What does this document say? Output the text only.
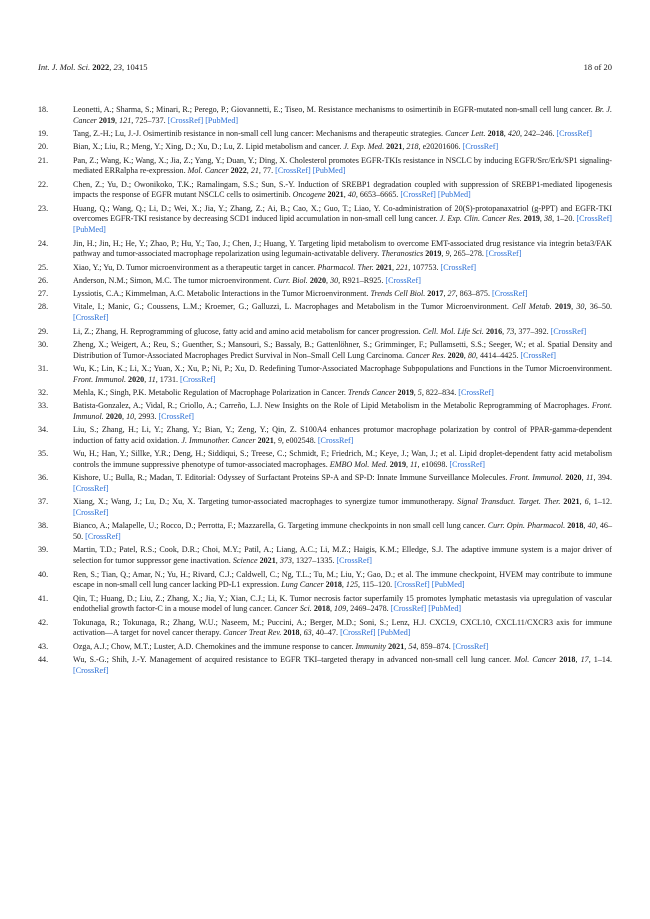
Int. J. Mol. Sci. 2022, 23, 10415	18 of 20
18.	Leonetti, A.; Sharma, S.; Minari, R.; Perego, P.; Giovannetti, E.; Tiseo, M. Resistance mechanisms to osimertinib in EGFR-mutated non-small cell lung cancer. Br. J. Cancer 2019, 121, 725–737. [CrossRef] [PubMed]
19.	Tang, Z.-H.; Lu, J.-J. Osimertinib resistance in non-small cell lung cancer: Mechanisms and therapeutic strategies. Cancer Lett. 2018, 420, 242–246. [CrossRef]
20.	Bian, X.; Liu, R.; Meng, Y.; Xing, D.; Xu, D.; Lu, Z. Lipid metabolism and cancer. J. Exp. Med. 2021, 218, e20201606. [CrossRef]
21.	Pan, Z.; Wang, K.; Wang, X.; Jia, Z.; Yang, Y.; Duan, Y.; Ding, X. Cholesterol promotes EGFR-TKIs resistance in NSCLC by inducing EGFR/Src/Erk/SP1 signaling-mediated ERRalpha re-expression. Mol. Cancer 2022, 21, 77. [CrossRef] [PubMed]
22.	Chen, Z.; Yu, D.; Owonikoko, T.K.; Ramalingam, S.S.; Sun, S.-Y. Induction of SREBP1 degradation coupled with suppression of SREBP1-mediated lipogenesis impacts the response of EGFR mutant NSCLC cells to osimertinib. Oncogene 2021, 40, 6653–6665. [CrossRef] [PubMed]
23.	Huang, Q.; Wang, Q.; Li, D.; Wei, X.; Jia, Y.; Zhang, Z.; Ai, B.; Cao, X.; Guo, T.; Liao, Y. Co-administration of 20(S)-protopanaxatriol (g-PPT) and EGFR-TKI overcomes EGFR-TKI resistance by decreasing SCD1 induced lipid accumulation in non-small cell lung cancer. J. Exp. Clin. Cancer Res. 2019, 38, 1–20. [CrossRef] [PubMed]
24.	Jin, H.; Jin, H.; He, Y.; Zhao, P.; Hu, Y.; Tao, J.; Chen, J.; Huang, Y. Targeting lipid metabolism to overcome EMT-associated drug resistance via integrin beta3/FAK pathway and tumor-associated macrophage repolarization using legumain-activatable delivery. Theranostics 2019, 9, 265–278. [CrossRef]
25.	Xiao, Y.; Yu, D. Tumor microenvironment as a therapeutic target in cancer. Pharmacol. Ther. 2021, 221, 107753. [CrossRef]
26.	Anderson, N.M.; Simon, M.C. The tumor microenvironment. Curr. Biol. 2020, 30, R921–R925. [CrossRef]
27.	Lyssiotis, C.A.; Kimmelman, A.C. Metabolic Interactions in the Tumor Microenvironment. Trends Cell Biol. 2017, 27, 863–875. [CrossRef]
28.	Vitale, I.; Manic, G.; Coussens, L.M.; Kroemer, G.; Galluzzi, L. Macrophages and Metabolism in the Tumor Microenvironment. Cell Metab. 2019, 30, 36–50. [CrossRef]
29.	Li, Z.; Zhang, H. Reprogramming of glucose, fatty acid and amino acid metabolism for cancer progression. Cell. Mol. Life Sci. 2016, 73, 377–392. [CrossRef]
30.	Zheng, X.; Weigert, A.; Reu, S.; Guenther, S.; Mansouri, S.; Bassaly, B.; Gattenlöhner, S.; Grimminger, F.; Pullamsetti, S.S.; Seeger, W.; et al. Spatial Density and Distribution of Tumor-Associated Macrophages Predict Survival in Non–Small Cell Lung Carcinoma. Cancer Res. 2020, 80, 4414–4425. [CrossRef]
31.	Wu, K.; Lin, K.; Li, X.; Yuan, X.; Xu, P.; Ni, P.; Xu, D. Redefining Tumor-Associated Macrophage Subpopulations and Functions in the Tumor Microenvironment. Front. Immunol. 2020, 11, 1731. [CrossRef]
32.	Mehla, K.; Singh, P.K. Metabolic Regulation of Macrophage Polarization in Cancer. Trends Cancer 2019, 5, 822–834. [CrossRef]
33.	Batista-Gonzalez, A.; Vidal, R.; Criollo, A.; Carreño, L.J. New Insights on the Role of Lipid Metabolism in the Metabolic Reprogramming of Macrophages. Front. Immunol. 2020, 10, 2993. [CrossRef]
34.	Liu, S.; Zhang, H.; Li, Y.; Zhang, Y.; Bian, Y.; Zeng, Y.; Qin, Z. S100A4 enhances protumor macrophage polarization by control of PPAR-gamma-dependent induction of fatty acid oxidation. J. Immunother. Cancer 2021, 9, e002548. [CrossRef]
35.	Wu, H.; Han, Y.; Sillke, Y.R.; Deng, H.; Siddiqui, S.; Treese, C.; Schmidt, F.; Friedrich, M.; Keye, J.; Wan, J.; et al. Lipid droplet-dependent fatty acid metabolism controls the immune suppressive phenotype of tumor-associated macrophages. EMBO Mol. Med. 2019, 11, e10698. [CrossRef]
36.	Kishore, U.; Bulla, R.; Madan, T. Editorial: Odyssey of Surfactant Proteins SP-A and SP-D: Innate Immune Surveillance Molecules. Front. Immunol. 2020, 11, 394. [CrossRef]
37.	Xiang, X.; Wang, J.; Lu, D.; Xu, X. Targeting tumor-associated macrophages to synergize tumor immunotherapy. Signal Transduct. Target. Ther. 2021, 6, 1–12. [CrossRef]
38.	Bianco, A.; Malapelle, U.; Rocco, D.; Perrotta, F.; Mazzarella, G. Targeting immune checkpoints in non small cell lung cancer. Curr. Opin. Pharmacol. 2018, 40, 46–50. [CrossRef]
39.	Martin, T.D.; Patel, R.S.; Cook, D.R.; Choi, M.Y.; Patil, A.; Liang, A.C.; Li, M.Z.; Haigis, K.M.; Elledge, S.J. The adaptive immune system is a major driver of selection for tumor suppressor gene inactivation. Science 2021, 373, 1327–1335. [CrossRef]
40.	Ren, S.; Tian, Q.; Amar, N.; Yu, H.; Rivard, C.J.; Caldwell, C.; Ng, T.L.; Tu, M.; Liu, Y.; Gao, D.; et al. The immune checkpoint, HVEM may contribute to immune escape in non-small cell lung cancer lacking PD-L1 expression. Lung Cancer 2018, 125, 115–120. [CrossRef] [PubMed]
41.	Qin, T.; Huang, D.; Liu, Z.; Zhang, X.; Jia, Y.; Xian, C.J.; Li, K. Tumor necrosis factor superfamily 15 promotes lymphatic metastasis via upregulation of vascular endothelial growth factor-C in a mouse model of lung cancer. Cancer Sci. 2018, 109, 2469–2478. [CrossRef] [PubMed]
42.	Tokunaga, R.; Tokunaga, R.; Zhang, W.U.; Naseem, M.; Puccini, A.; Berger, M.D.; Soni, S.; Lenz, H.J. CXCL9, CXCL10, CXCL11/CXCR3 axis for immune activation—A target for novel cancer therapy. Cancer Treat Rev. 2018, 63, 40–47. [CrossRef] [PubMed]
43.	Ozga, A.J.; Chow, M.T.; Luster, A.D. Chemokines and the immune response to cancer. Immunity 2021, 54, 859–874. [CrossRef]
44.	Wu, S.-G.; Shih, J.-Y. Management of acquired resistance to EGFR TKI–targeted therapy in advanced non-small cell lung cancer. Mol. Cancer 2018, 17, 1–14. [CrossRef]
